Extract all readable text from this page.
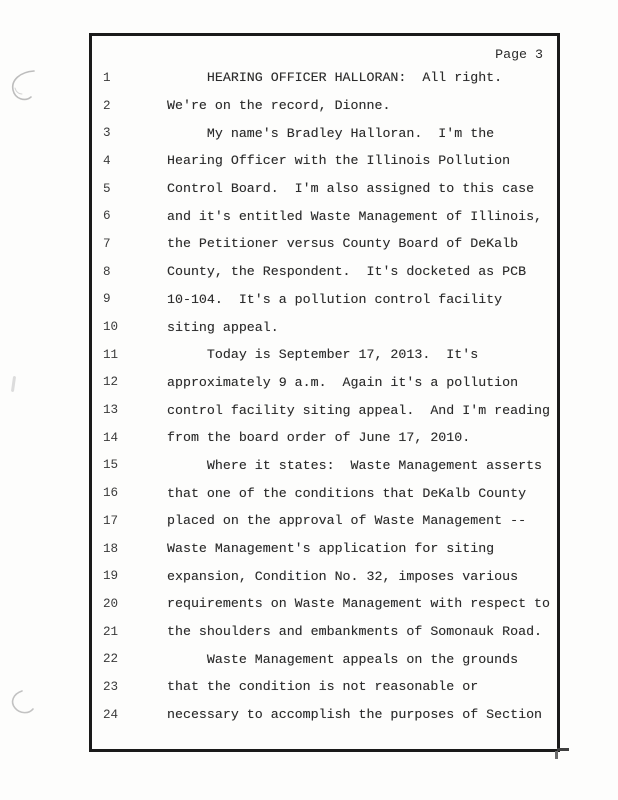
Page 3
1	HEARING OFFICER HALLORAN:  All right.
2	We're on the record, Dionne.
3	My name's Bradley Halloran.  I'm the
4	Hearing Officer with the Illinois Pollution
5	Control Board.  I'm also assigned to this case
6	and it's entitled Waste Management of Illinois,
7	the Petitioner versus County Board of DeKalb
8	County, the Respondent.  It's docketed as PCB
9	10-104.  It's a pollution control facility
10	siting appeal.
11	Today is September 17, 2013.  It's
12	approximately 9 a.m.  Again it's a pollution
13	control facility siting appeal.  And I'm reading
14	from the board order of June 17, 2010.
15	Where it states:  Waste Management asserts
16	that one of the conditions that DeKalb County
17	placed on the approval of Waste Management --
18	Waste Management's application for siting
19	expansion, Condition No. 32, imposes various
20	requirements on Waste Management with respect to
21	the shoulders and embankments of Somonauk Road.
22	Waste Management appeals on the grounds
23	that the condition is not reasonable or
24	necessary to accomplish the purposes of Section
